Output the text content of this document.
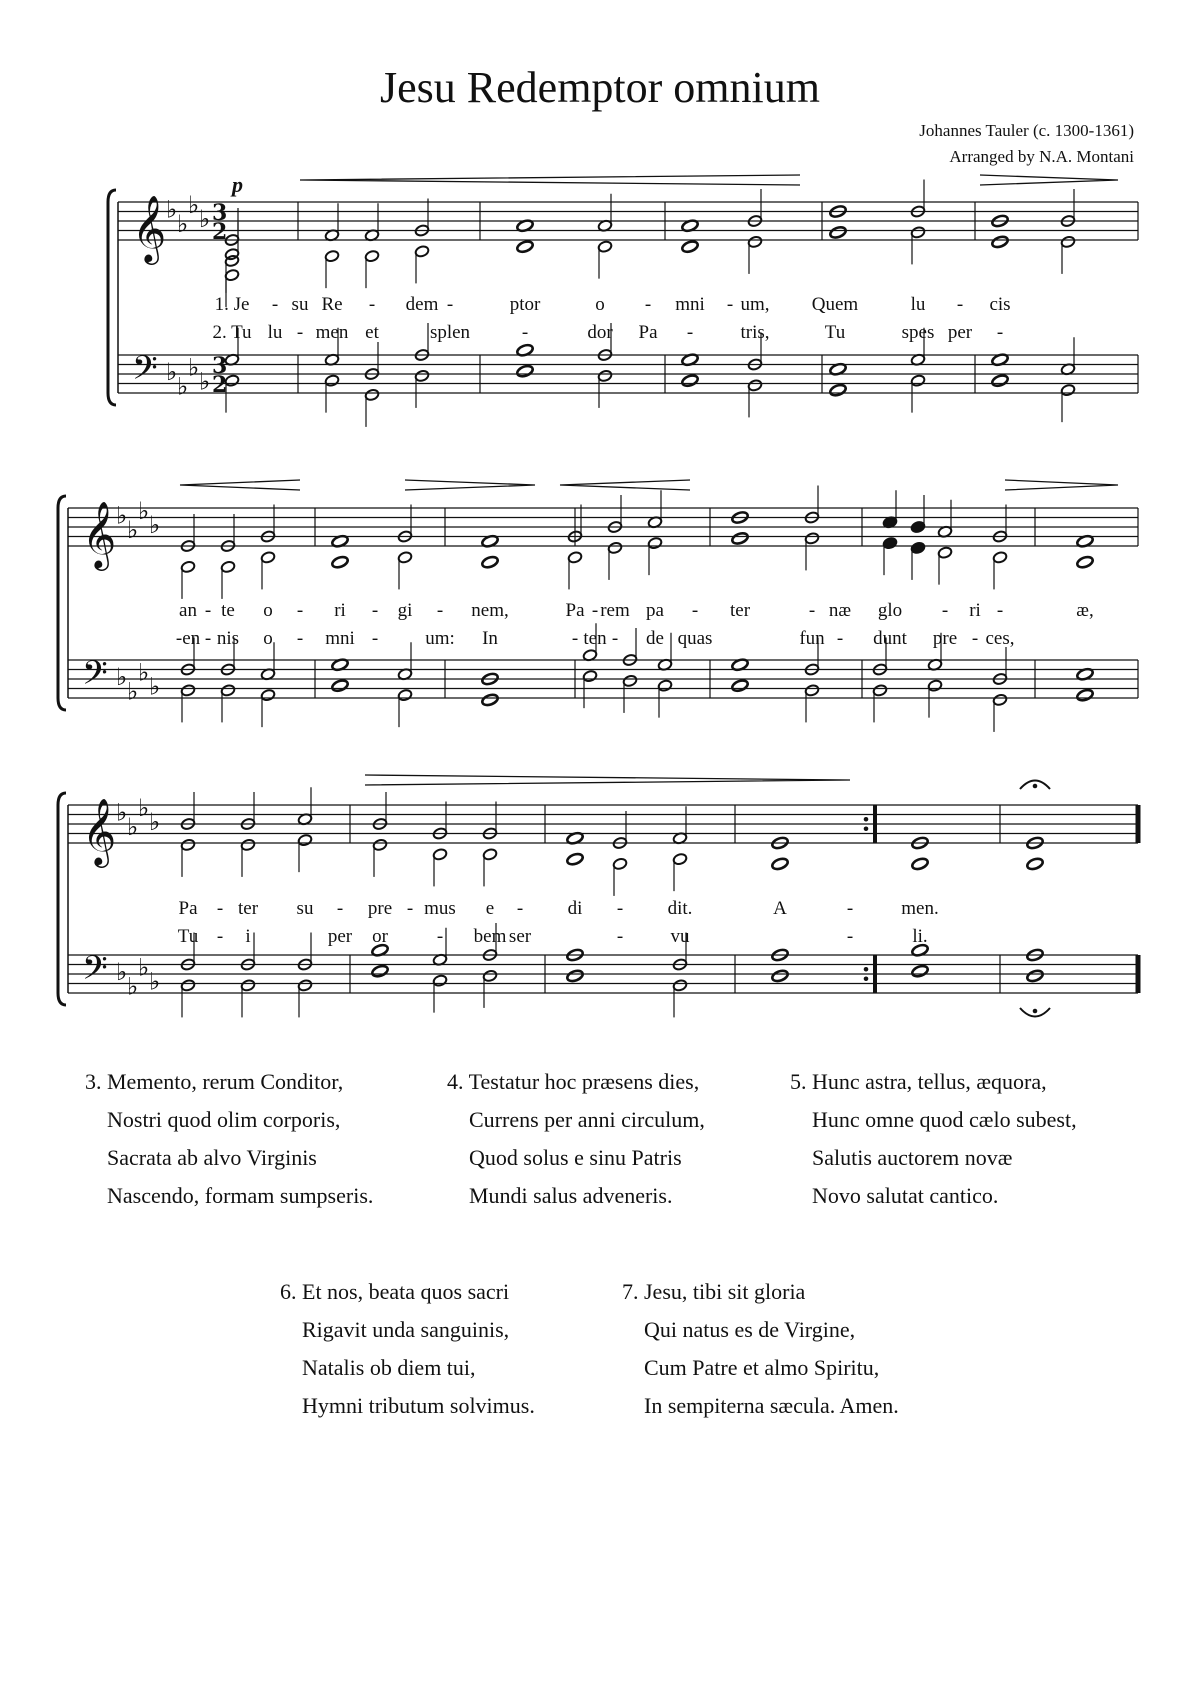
Jesu Redemptor omnium
Johannes Tauler (c. 1300-1361)
Arranged by N.A. Montani
𝄞
𝄢
♭
♭
♭
♭
♭
♭
♭
♭
3
2
3
2
p
𝄞
𝄢
♭
♭
♭
♭
♭
♭
♭
♭
𝄞
𝄢
♭
♭
♭
♭
♭
♭
♭
♭
1. Je - su Re - dem -	ptor	o - mni - um, Quem	lu - cis
2. Tu lu - men et	splen	-	dor Pa - tris,	Tu	spes per -
an - te o - ri - gi - nem,	Pa - rem pa - ter	- næ glo - ri -	æ,
-en - nis o - mni - um: In	- ten - de quas	fun - dunt pre - ces,
Pa - ter su - pre - mus e - di - dit.	A	-	men.
Tu - i	per or	- bem ser	- vu	-	li.
3. Memento, rerum Conditor,
Nostri quod olim corporis,
Sacrata ab alvo Virginis
Nascendo, formam sumpseris.
4. Testatur hoc præsens dies,
Currens per anni circulum,
Quod solus e sinu Patris
Mundi salus adveneris.
5. Hunc astra, tellus, æquora,
Hunc omne quod cælo subest,
Salutis auctorem novæ
Novo salutat cantico.
6. Et nos, beata quos sacri
Rigavit unda sanguinis,
Natalis ob diem tui,
Hymni tributum solvimus.
7. Jesu, tibi sit gloria
Qui natus es de Virgine,
Cum Patre et almo Spiritu,
In sempiterna sæcula. Amen.
